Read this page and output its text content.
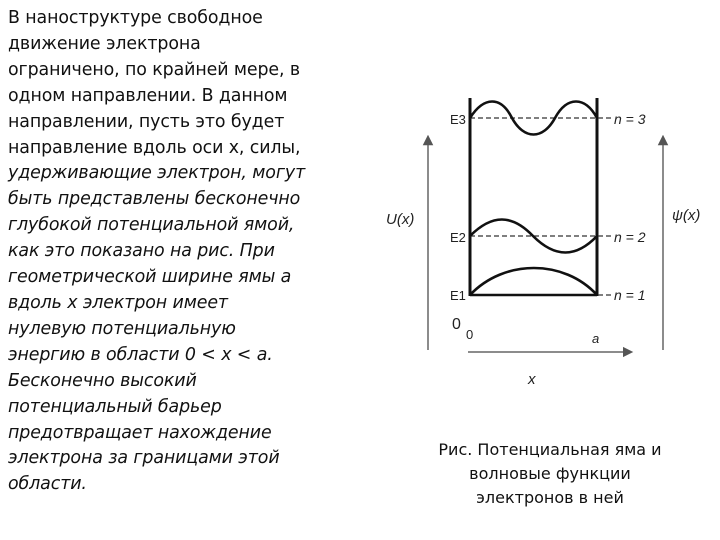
В наноструктуре свободное
движение электрона
ограничено, по крайней мере, в
одном направлении. В данном
направлении, пусть это будет
направление вдоль оси x, силы,
удерживающие электрон, могут
быть представлены бесконечно
глубокой потенциальной ямой,
как это показано на рис. При
геометрической ширине ямы a
вдоль x электрон имеет
нулевую потенциальную
энергию в области 0 < x < a.
Бесконечно высокий
потенциальный барьер
предотвращает нахождение
электрона за границами этой
области.
U(x)	ψ(x)
x
0
0	a
E3	n = 3
E2	n = 2
E1	n = 1
Рис. Потенциальная яма и
волновые функции
электронов в ней
